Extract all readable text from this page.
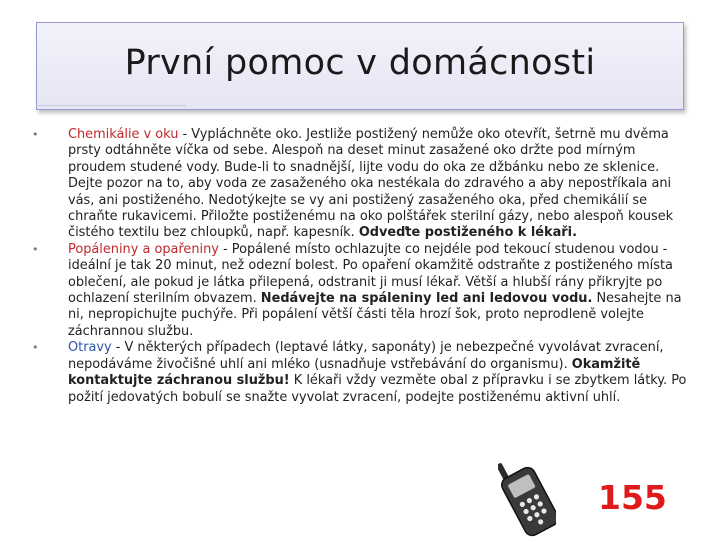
První pomoc v domácnosti
• Chemikálie v oku - Vypláchněte oko. Jestliže postižený nemůže oko otevřít, šetrně mu dvěma prsty odtáhněte víčka od sebe. Alespoň na deset minut zasažené oko držte pod mírným proudem studené vody. Bude-li to snadnější, lijte vodu do oka ze džbánku nebo ze sklenice. Dejte pozor na to, aby voda ze zasaženého oka nestékala do zdravého a aby nepostříkala ani vás, ani postiženého. Nedotýkejte se vy ani postižený zasaženého oka, před chemikálií se chraňte rukavicemi. Přiložte postiženému na oko polštářek sterilní gázy, nebo alespoň kousek čistého textilu bez chloupků, např. kapesník. Odveďte postiženého k lékaři.
• Popáleniny a opařeniny - Popálené místo ochlazujte co nejdéle pod tekoucí studenou vodou - ideální je tak 20 minut, než odezní bolest. Po opaření okamžitě odstraňte z postiženého místa oblečení, ale pokud je látka přilepená, odstranit ji musí lékař. Větší a hlubší rány přikryjte po ochlazení sterilním obvazem. Nedávejte na spáleniny led ani ledovou vodu. Nesahejte na ni, nepropichujte puchýře. Při popálení větší části těla hrozí šok, proto neprodleně volejte záchrannou službu.
• Otravy - V některých případech (leptavé látky, saponáty) je nebezpečné vyvolávat zvracení, nepodáváme živočišné uhlí ani mléko (usnadňuje vstřebávání do organismu). Okamžitě kontaktujte záchranou službu! K lékaři vždy vezměte obal z přípravku i se zbytkem látky. Po požití jedovatých bobulí se snažte vyvolat zvracení, podejte postiženému aktivní uhlí.
155
